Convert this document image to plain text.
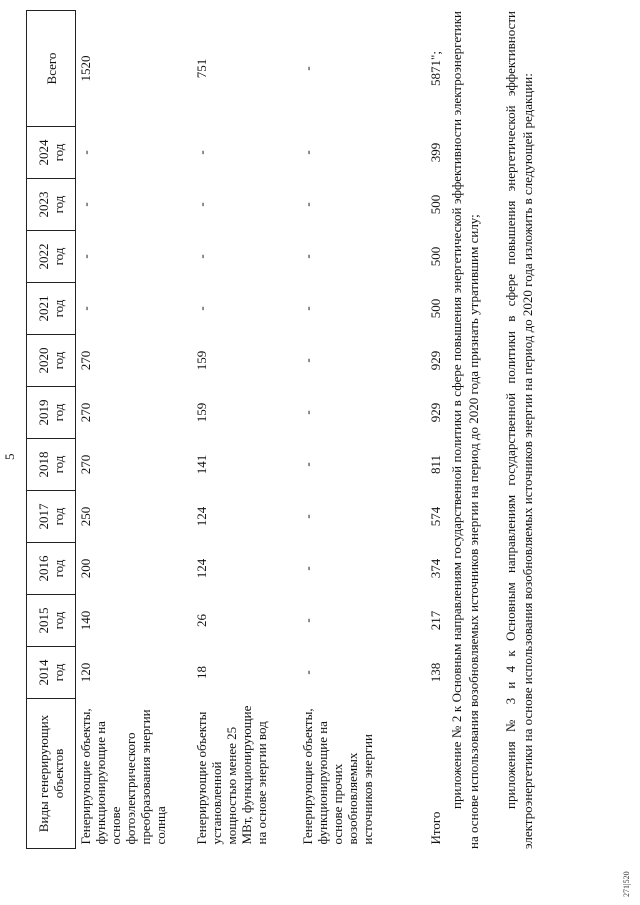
5
Виды генерирующих объектов	2014 год	2015 год	2016 год	2017 год	2018 год	2019 год	2020 год	2021 год	2022 год	2023 год	2024 год	Всего
Генерирующие объекты, функционирующие на основе фотоэлектрического преобразования энергии солнца	120	140	200	250	270	270	270	-	-	-	-	1520
Генерирующие объекты установленной мощностью менее 25 МВт, функционирующие на основе энергии вод	18	26	124	124	141	159	159	-	-	-	-	751
Генерирующие объекты, функционирующие на основе прочих возобновляемых источников энергии	-	-	-	-	-	-	-	-	-	-	-	-
Итого	138	217	374	574	811	929	929	500	500	500	399	5871"; приложение № 2 к Основным направлениям государственной политики в сфере повышения энергетической эффективности электроэнергетики на основе использования возобновляемых источников энергии на период до 2020 года признать утратившим силу; приложения № 3 и 4 к Основным направлениям государственной политики в сфере повышения энергетической эффективности электроэнергетики на основе использования возобновляемых источников энергии на период до 2020 года изложить в следующей редакции:
271|520
